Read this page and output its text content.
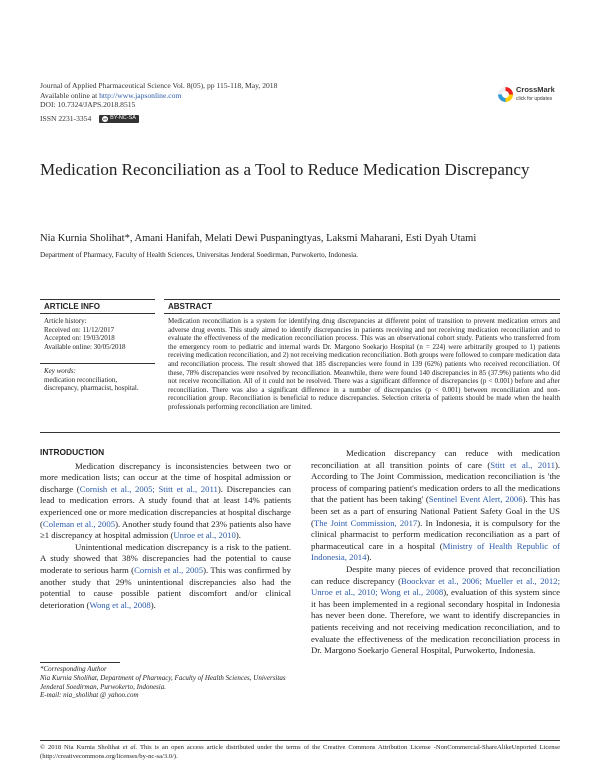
Journal of Applied Pharmaceutical Science Vol. 8(05), pp 115-118, May, 2018
Available online at http://www.japsonline.com
DOI: 10.7324/JAPS.2018.8515
ISSN 2231-3354	cc BY-NC-SA
CrossMark
click for updates
Medication Reconciliation as a Tool to Reduce Medication Discrepancy
Nia Kurnia Sholihat*, Amani Hanifah, Melati Dewi Puspaningtyas, Laksmi Maharani, Esti Dyah Utami
Department of Pharmacy, Faculty of Health Sciences, Universitas Jenderal Soedirman, Purwokerto, Indonesia.
ARTICLE INFO
Article history:
Received on: 11/12/2017
Accepted on: 19/03/2018
Available online: 30/05/2018
Key words:
medication reconciliation, discrepancy, pharmacist, hospital.
ABSTRACT
Medication reconciliation is a system for identifying drug discrepancies at different point of transition to prevent medication errors and adverse drug events. This study aimed to identify discrepancies in patients receiving and not receiving medication reconciliation and to evaluate the effectiveness of the medication reconciliation process. This was an observational cohort study. Patients who transferred from the emergency room to pediatric and internal wards Dr. Margono Soekarjo Hospital (n = 224) were arbitrarily grouped to 1) patients receiving medication reconciliation, and 2) not receiving medication reconciliation. Both groups were followed to compare medication data and reconciliation process. The result showed that 185 discrepancies were found in 139 (62%) patients who received reconciliation. Of these, 78% discrepancies were resolved by reconciliation. Meanwhile, there were found 140 discrepancies in 85 (37.9%) patients who did not receive reconciliation. All of it could not be resolved. There was a significant difference of discrepancies (p < 0.001) before and after reconciliation. There was also a significant difference in a number of discrepancies (p < 0.001) between reconciliation and non-reconciliation group. Reconciliation is beneficial to reduce discrepancies. Selection criteria of patients should be made when the health professionals performing reconciliation are limited.
INTRODUCTION

Medication discrepancy is inconsistencies between two or more medication lists; can occur at the time of hospital admission or discharge (Cornish et al., 2005; Stitt et al., 2011). Discrepancies can lead to medication errors. A study found that at least 14% patients experienced one or more medication discrepancies at hospital discharge (Coleman et al., 2005). Another study found that 23% patients also have ≥1 discrepancy at hospital admission (Unroe et al., 2010).

Unintentional medication discrepancy is a risk to the patient. A study showed that 38% discrepancies had the potential to cause moderate to serious harm (Cornish et al., 2005). This was confirmed by another study that 29% unintentional discrepancies also had the potential to cause possible patient discomfort and/or clinical deterioration (Wong et al., 2008).

*Corresponding Author
Nia Kurnia Sholihat, Department of Pharmacy, Faculty of Health Sciences, Universitas Jenderal Soedirman, Purwokerto, Indonesia.
E-mail: nia_sholihat @ yahoo.com

Medication discrepancy can reduce with medication reconciliation at all transition points of care (Stitt et al., 2011). According to The Joint Commission, medication reconciliation is 'the process of comparing patient's medication orders to all the medications that the patient has been taking' (Sentinel Event Alert, 2006). This has been set as a part of ensuring National Patient Safety Goal in the US (The Joint Commission, 2017). In Indonesia, it is compulsory for the clinical pharmacist to perform medication reconciliation as a part of pharmaceutical care in a hospital (Ministry of Health Republic of Indonesia, 2014).

Despite many pieces of evidence proved that reconciliation can reduce discrepancy (Boockvar et al., 2006; Mueller et al., 2012; Unroe et al., 2010; Wong et al., 2008), evaluation of this system since it has been implemented in a regional secondary hospital in Indonesia has never been done. Therefore, we want to identify discrepancies in patients receiving and not receiving medication reconciliation, and to evaluate the effectiveness of the medication reconciliation process in Dr. Margono Soekarjo General Hospital, Purwokerto, Indonesia.

© 2018 Nia Kurnia Sholihat et al. This is an open access article distributed under the terms of the Creative Commons Attribution License -NonCommercial-ShareAlikeUnported License (http://creativecommons.org/licenses/by-nc-sa/3.0/).
